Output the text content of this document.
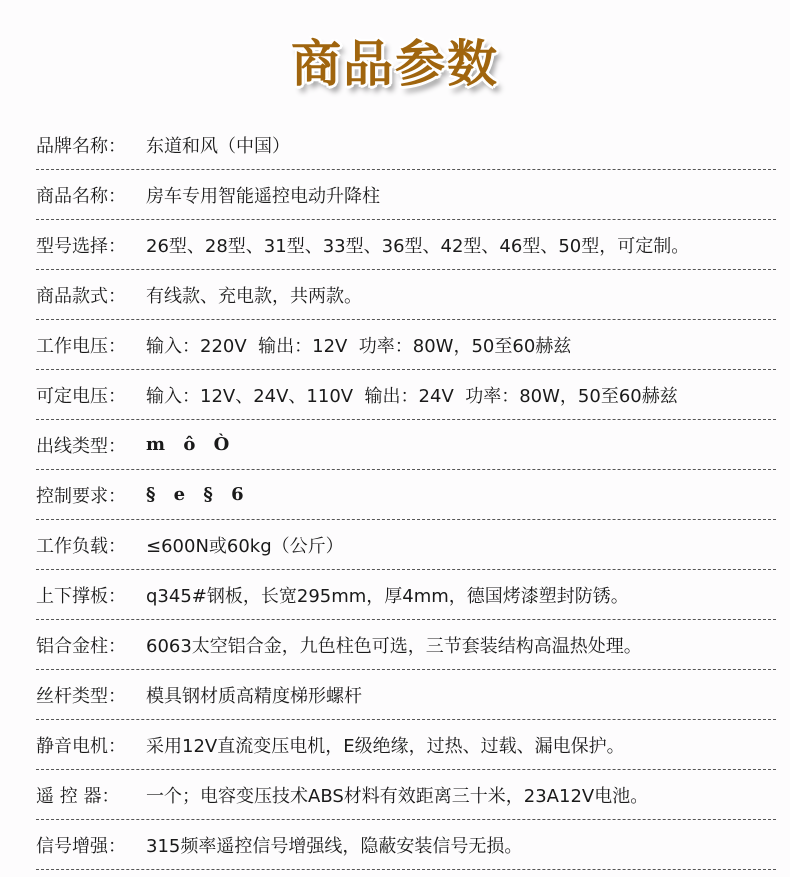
商品参数
品牌名称：	东道和风（中国）
商品名称：	房车专用智能遥控电动升降柱
型号选择：	26型、28型、31型、33型、36型、42型、46型、50型，可定制。
商品款式：	有线款、充电款，共两款。
工作电压：	输入：220V  输出：12V  功率：80W，50至60赫兹
可定电压：	输入：12V、24V、110V  输出：24V  功率：80W，50至60赫兹
出线类型：	m ô Ò
控制要求：	§ e § 6
工作负载：	≤600N或60kg（公斤）
上下撑板：	q345#钢板，长宽295mm，厚4mm，德国烤漆塑封防锈。
铝合金柱：	6063太空铝合金，九色柱色可选，三节套装结构高温热处理。
丝杆类型：	模具钢材质高精度梯形螺杆
静音电机：	采用12V直流变压电机，E级绝缘，过热、过载、漏电保护。
遥 控 器：	一个；电容变压技术ABS材料有效距离三十米，23A12V电池。
信号增强：	315频率遥控信号增强线，隐蔽安装信号无损。
